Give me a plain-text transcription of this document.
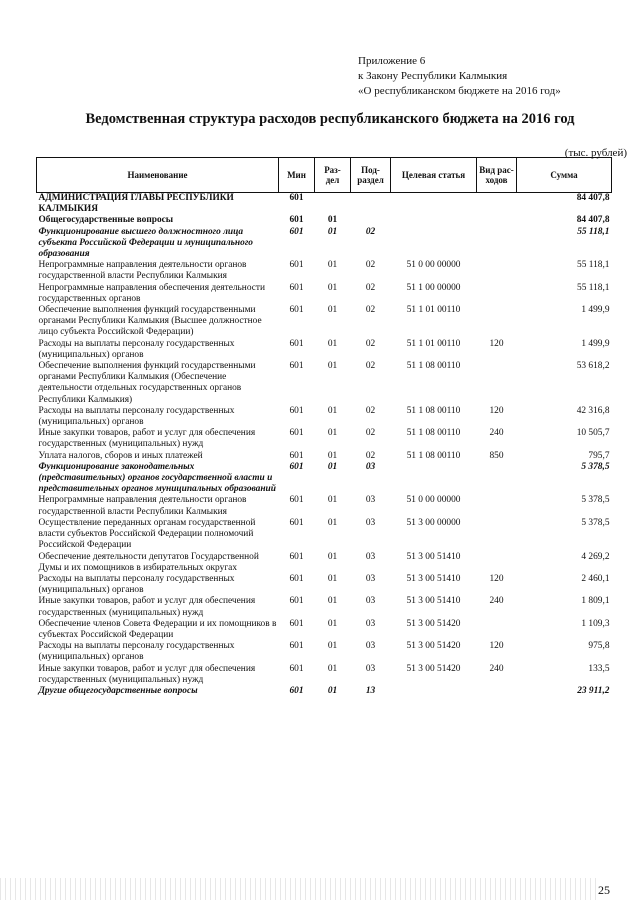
Приложение 6
к Закону Республики Калмыкия
«О республиканском бюджете на 2016 год»
Ведомственная структура расходов республиканского бюджета на 2016 год
(тыс. рублей)
Наименование	Мин	Раз- дел	Под- раздел	Целевая статья	Вид рас- ходов	Сумма
АДМИНИСТРАЦИЯ ГЛАВЫ РЕСПУБЛИКИ КАЛМЫКИЯ	601					84 407,8
Общегосударственные вопросы	601	01				84 407,8
Функционирование высшего должностного лица субъекта Российской Федерации и муниципального образования	601	01	02			55 118,1
Непрограммные направления деятельности органов государственной власти Республики Калмыкия	601	01	02	51 0 00 00000		55 118,1
Непрограммные направления обеспечения деятельности государственных органов	601	01	02	51 1 00 00000		55 118,1
Обеспечение выполнения функций государственными органами Республики Калмыкия (Высшее должностное лицо субъекта Российской Федерации)	601	01	02	51 1 01 00110		1 499,9
Расходы на выплаты персоналу государственных (муниципальных) органов	601	01	02	51 1 01 00110	120	1 499,9
Обеспечение выполнения функций государственными органами Республики Калмыкия (Обеспечение деятельности отдельных государственных органов Республики Калмыкия)	601	01	02	51 1 08 00110		53 618,2
Расходы на выплаты персоналу государственных (муниципальных) органов	601	01	02	51 1 08 00110	120	42 316,8
Иные закупки товаров, работ и услуг для обеспечения государственных (муниципальных) нужд	601	01	02	51 1 08 00110	240	10 505,7
Уплата налогов, сборов и иных платежей	601	01	02	51 1 08 00110	850	795,7
Функционирование законодательных (представительных) органов государственной власти и представительных органов муниципальных образований	601	01	03			5 378,5
Непрограммные направления деятельности органов государственной власти Республики Калмыкия	601	01	03	51 0 00 00000		5 378,5
Осуществление переданных органам государственной власти субъектов Российской Федерации полномочий Российской Федерации	601	01	03	51 3 00 00000		5 378,5
Обеспечение деятельности депутатов Государственной Думы и их помощников в избирательных округах	601	01	03	51 3 00 51410		4 269,2
Расходы на выплаты персоналу государственных (муниципальных) органов	601	01	03	51 3 00 51410	120	2 460,1
Иные закупки товаров, работ и услуг для обеспечения государственных (муниципальных) нужд	601	01	03	51 3 00 51410	240	1 809,1
Обеспечение членов Совета Федерации и их помощников в субъектах Российской Федерации	601	01	03	51 3 00 51420		1 109,3
Расходы на выплаты персоналу государственных (муниципальных) органов	601	01	03	51 3 00 51420	120	975,8
Иные закупки товаров, работ и услуг для обеспечения государственных (муниципальных) нужд	601	01	03	51 3 00 51420	240	133,5
Другие общегосударственные вопросы	601	01	13			23 911,2
25
